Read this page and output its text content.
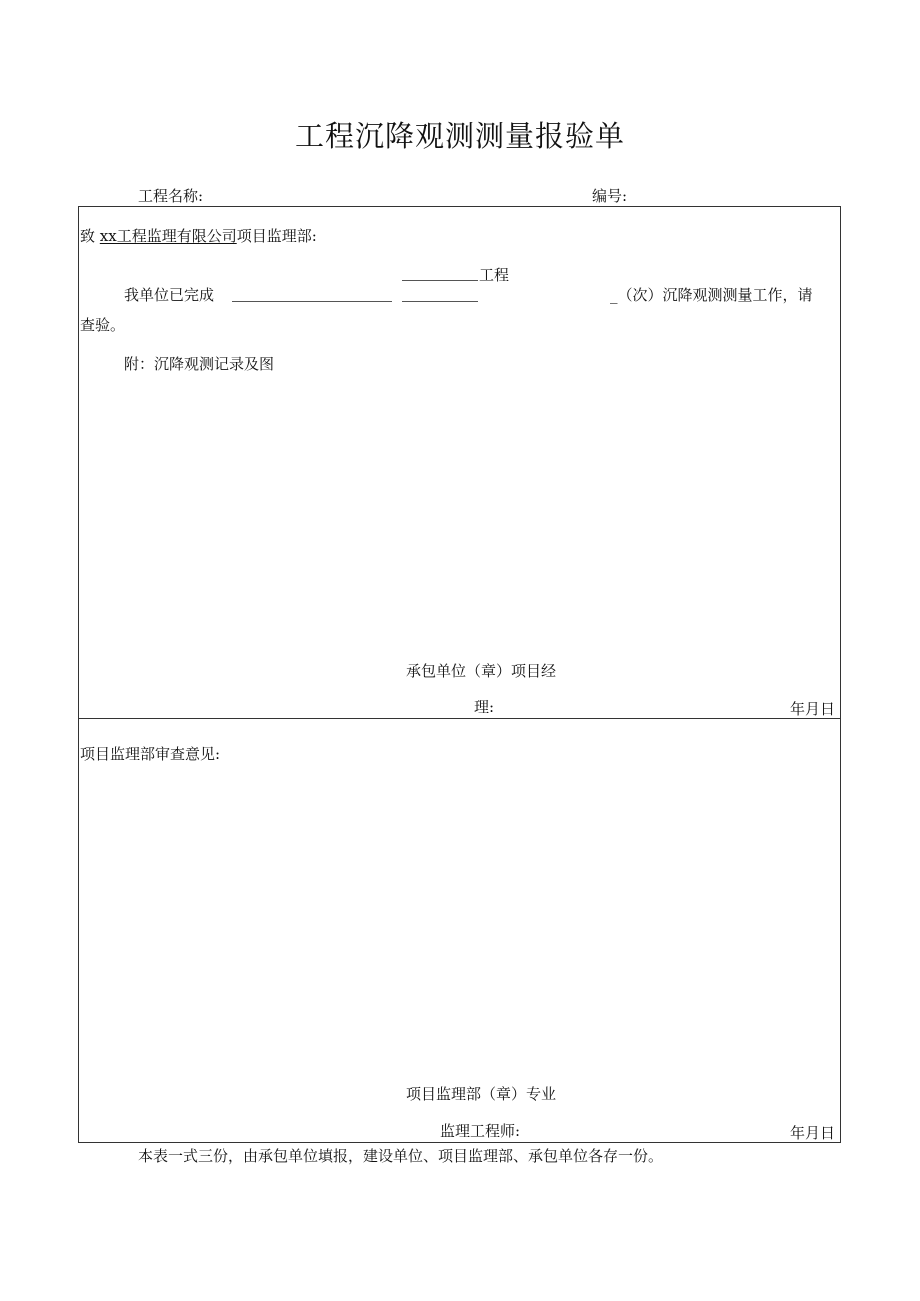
工程沉降观测测量报验单
工程名称:	编号:
致 xx工程监理有限公司项目监理部:
工程
我单位已完成	_（次）沉降观测测量工作，请
查验。
附：沉降观测记录及图
承包单位（章）项目经
理:	年月日
项目监理部审查意见:
项目监理部（章）专业
监理工程师:	年月日
本表一式三份，由承包单位填报，建设单位、项目监理部、承包单位各存一份。
